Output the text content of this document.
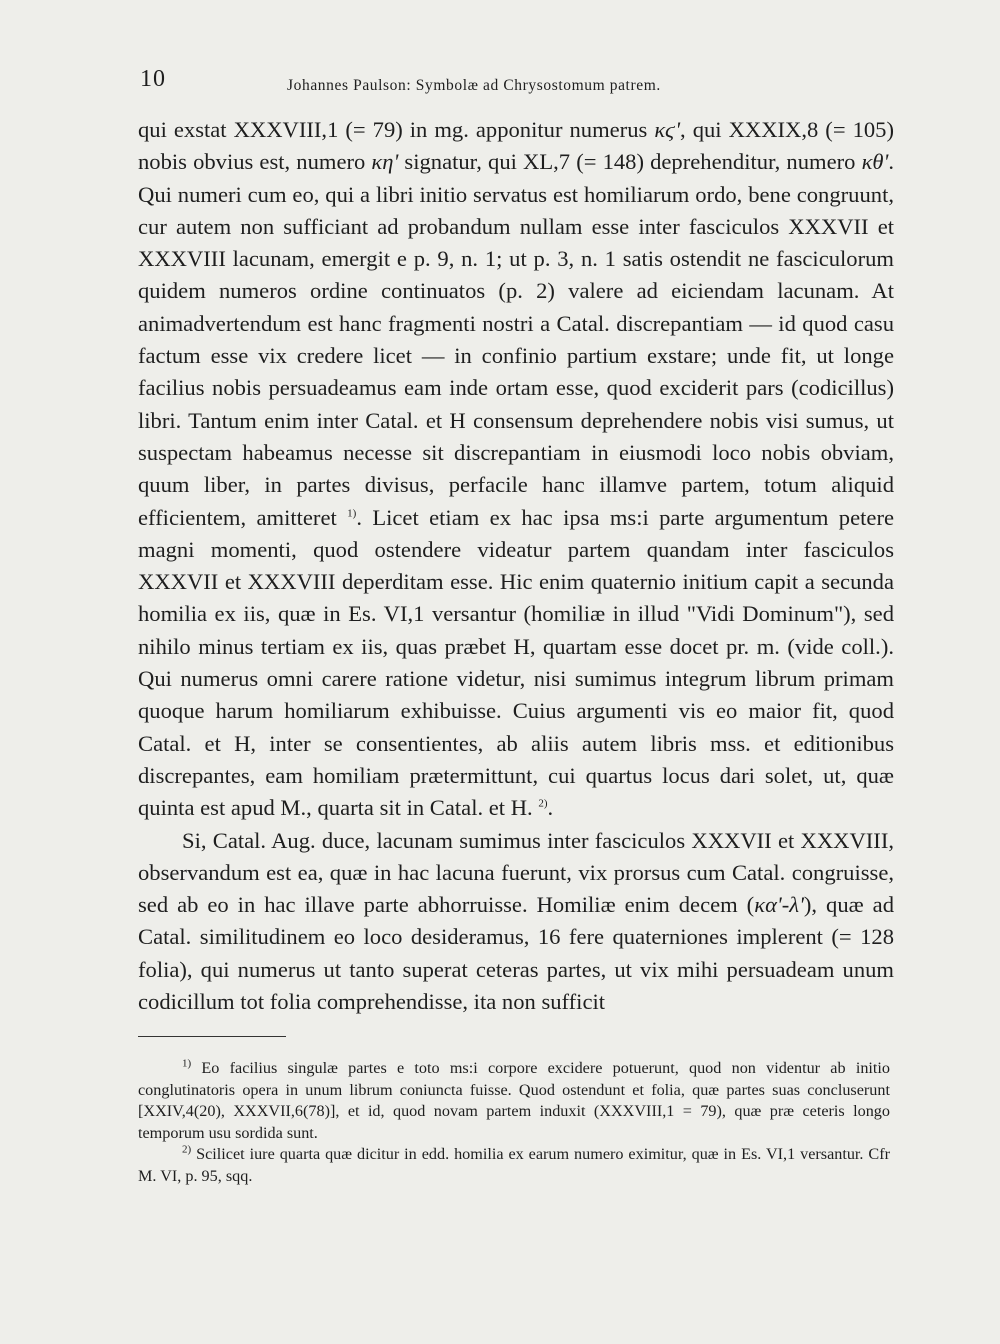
10	Johannes Paulson: Symbolæ ad Chrysostomum patrem.

qui exstat XXXVIII,1 (= 79) in mg. apponitur numerus κϛ', qui XXXIX,8 (= 105) nobis obvius est, numero κη' signatur, qui XL,7 (= 148) deprehenditur, numero κθ'. Qui numeri cum eo, qui a libri initio servatus est homiliarum ordo, bene congruunt, cur autem non sufficiant ad probandum nullam esse inter fasciculos XXXVII et XXXVIII lacunam, emergit e p. 9, n. 1; ut p. 3, n. 1 satis ostendit ne fasciculorum quidem numeros ordine continuatos (p. 2) valere ad eiciendam lacunam. At animadvertendum est hanc fragmenti nostri a Catal. discrepantiam — id quod casu factum esse vix credere licet — in confinio partium exstare; unde fit, ut longe facilius nobis persuadeamus eam inde ortam esse, quod exciderit pars (codicillus) libri. Tantum enim inter Catal. et H consensum deprehendere nobis visi sumus, ut suspectam habeamus necesse sit discrepantiam in eiusmodi loco nobis obviam, quum liber, in partes divisus, perfacile hanc illamve partem, totum aliquid efficientem, amitteret $^{1)}$. Licet etiam ex hac ipsa ms:i parte argumentum petere magni momenti, quod ostendere videatur partem quandam inter fasciculos XXXVII et XXXVIII deperditam esse. Hic enim quaternio initium capit a secunda homilia ex iis, quæ in Es. VI,1 versantur (homiliæ in illud "Vidi Dominum"), sed nihilo minus tertiam ex iis, quas præbet H, quartam esse docet pr. m. (vide coll.). Qui numerus omni carere ratione videtur, nisi sumimus integrum librum primam quoque harum homiliarum exhibuisse. Cuius argumenti vis eo maior fit, quod Catal. et H, inter se consentientes, ab aliis autem libris mss. et editionibus discrepantes, eam homiliam prætermittunt, cui quartus locus dari solet, ut, quæ quinta est apud M., quarta sit in Catal. et H. $^{2)}$.

Si, Catal. Aug. duce, lacunam sumimus inter fasciculos XXXVII et XXXVIII, observandum est ea, quæ in hac lacuna fuerunt, vix prorsus cum Catal. congruisse, sed ab eo in hac illave parte abhorruisse. Homiliæ enim decem (κα'-λ'), quæ ad Catal. similitudinem eo loco desideramus, 16 fere quaterniones implerent (= 128 folia), qui numerus ut tanto superat ceteras partes, ut vix mihi persuadeam unum codicillum tot folia comprehendisse, ita non sufficit

$^{1)}$ Eo facilius singulæ partes e toto ms:i corpore excidere potuerunt, quod non videntur ab initio conglutinatoris opera in unum librum coniuncta fuisse. Quod ostendunt et folia, quæ partes suas concluserunt [XXIV,4(20), XXXVII,6(78)], et id, quod novam partem induxit (XXXVIII,1 = 79), quæ præ ceteris longo temporum usu sordida sunt.

$^{2)}$ Scilicet iure quarta quæ dicitur in edd. homilia ex earum numero eximitur, quæ in Es. VI,1 versantur. Cfr M. VI, p. 95, sqq.
